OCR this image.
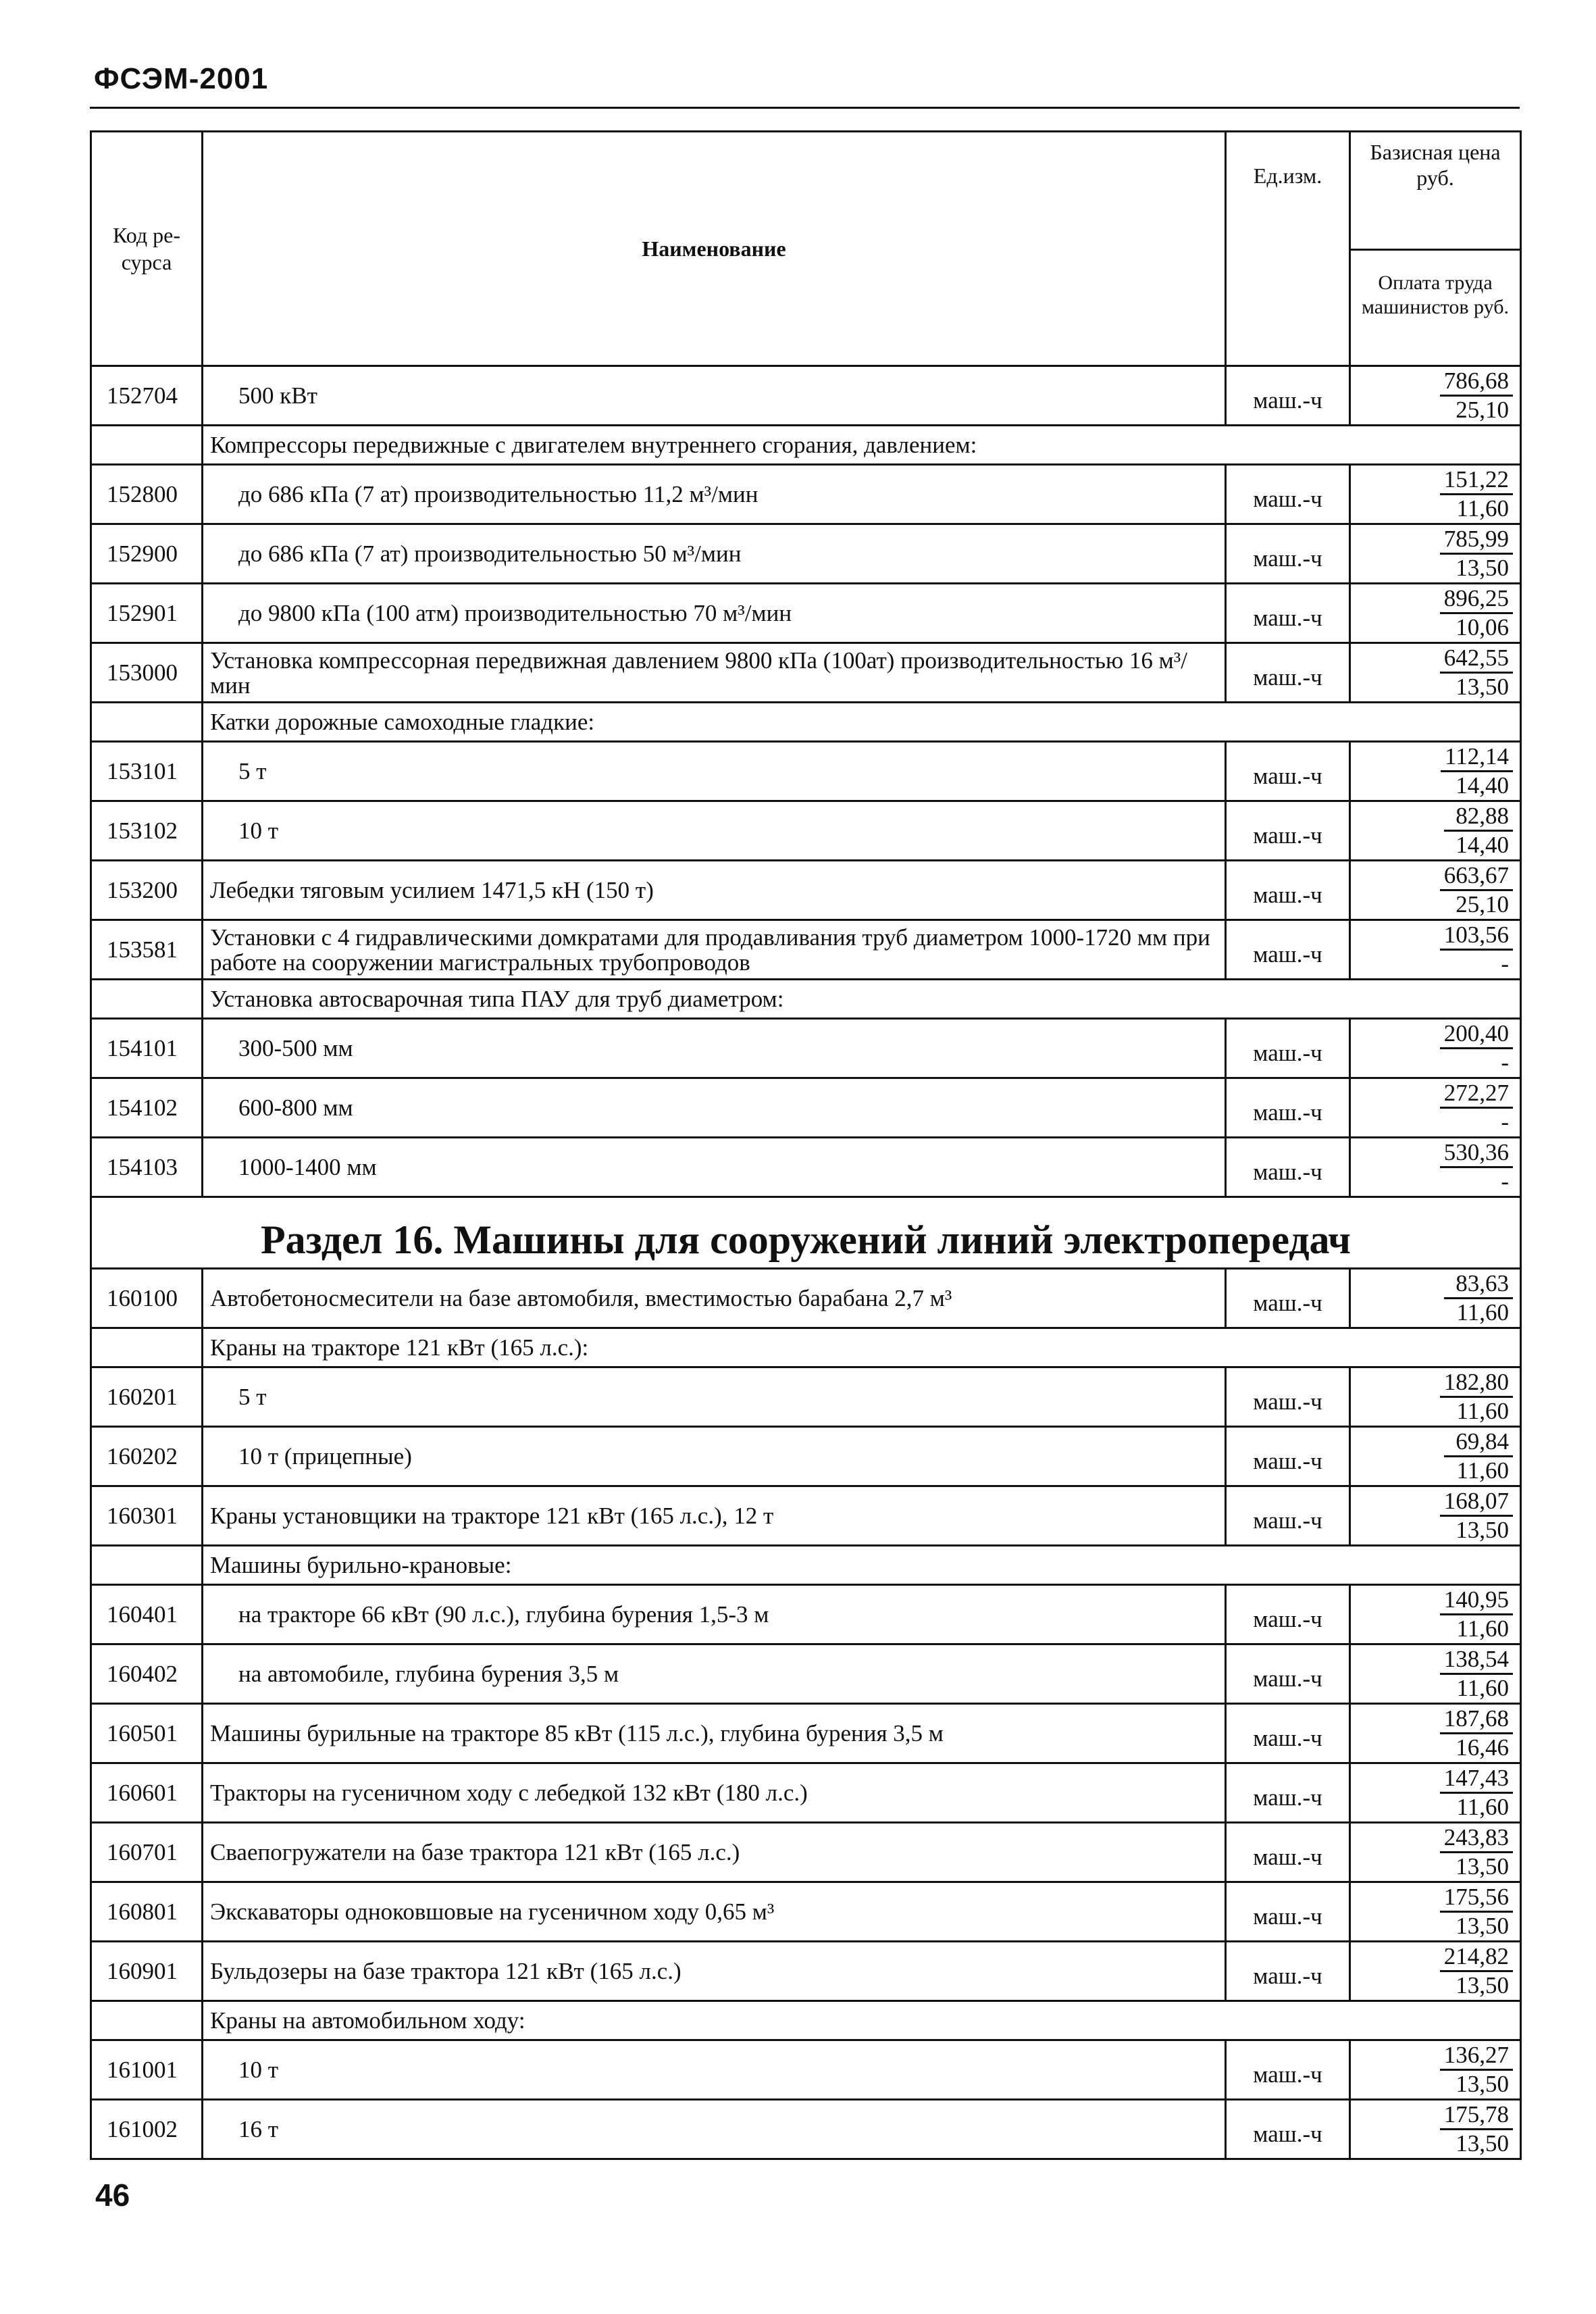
ФСЭМ-2001
Код ре-сурса	Наименование	Ед.изм.	Базисная цена руб.
Оплата труда машинистов руб.

152704	500 кВт	маш.-ч	786,68
25,10

	Компрессоры передвижные с двигателем внутреннего сгорания, давлением:		
152800	до 686 кПа (7 ат) производительностью 11,2 м³/мин	маш.-ч	151,22
11,60

152900	до 686 кПа (7 ат) производительностью 50 м³/мин	маш.-ч	785,99
13,50

152901	до 9800 кПа (100 атм) производительностью 70 м³/мин	маш.-ч	896,25
10,06

153000	Установка компрессорная передвижная давлением 9800 кПа (100ат) производительностью 16 м³/мин	маш.-ч	642,55
13,50

	Катки дорожные самоходные гладкие:		
153101	5 т	маш.-ч	112,14
14,40

153102	10 т	маш.-ч	82,88
14,40

153200	Лебедки тяговым усилием 1471,5 кН (150 т)	маш.-ч	663,67
25,10

153581	Установки с 4 гидравлическими домкратами для продавливания труб диаметром 1000-1720 мм при работе на сооружении магистральных трубопроводов	маш.-ч	103,56
-

	Установка автосварочная типа ПАУ для труб диаметром:		
154101	300-500 мм	маш.-ч	200,40
-

154102	600-800 мм	маш.-ч	272,27
-

154103	1000-1400 мм	маш.-ч	530,36
-

Раздел 16. Машины для сооружений линий электропередач			
160100	Автобетоносмесители на базе автомобиля, вместимостью барабана 2,7 м³	маш.-ч	83,63
11,60

	Краны на тракторе 121 кВт (165 л.с.):		
160201	5 т	маш.-ч	182,80
11,60

160202	10 т (прицепные)	маш.-ч	69,84
11,60

160301	Краны установщики на тракторе 121 кВт (165 л.с.), 12 т	маш.-ч	168,07
13,50

	Машины бурильно-крановые:		
160401	на тракторе 66 кВт (90 л.с.), глубина бурения 1,5-3 м	маш.-ч	140,95
11,60

160402	на автомобиле, глубина бурения 3,5 м	маш.-ч	138,54
11,60

160501	Машины бурильные на тракторе 85 кВт (115 л.с.), глубина бурения 3,5 м	маш.-ч	187,68
16,46

160601	Тракторы на гусеничном ходу с лебедкой 132 кВт (180 л.с.)	маш.-ч	147,43
11,60

160701	Сваепогружатели на базе трактора 121 кВт (165 л.с.)	маш.-ч	243,83
13,50

160801	Экскаваторы одноковшовые на гусеничном ходу 0,65 м³	маш.-ч	175,56
13,50

160901	Бульдозеры на базе трактора 121 кВт (165 л.с.)	маш.-ч	214,82
13,50

	Краны на автомобильном ходу:		
161001	10 т	маш.-ч	136,27
13,50

161002	16 т	маш.-ч	175,78
13,50
46
